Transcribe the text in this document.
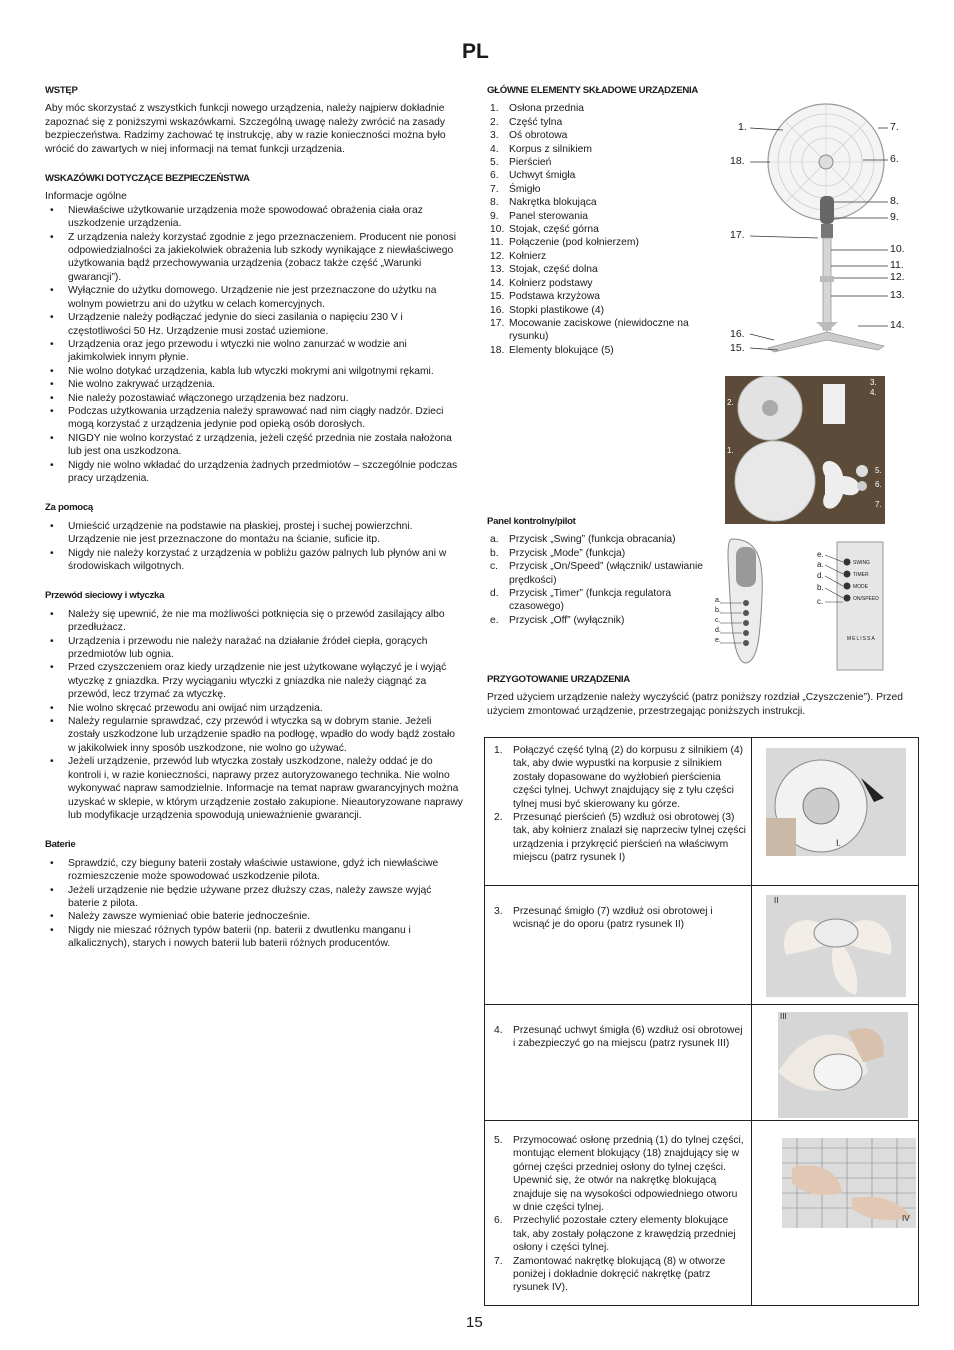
PL
WSTĘP

Aby móc skorzystać z wszystkich funkcji nowego urządzenia, należy najpierw dokładnie zapoznać się z poniższymi wskazówkami. Szczególną uwagę należy zwrócić na zasady bezpieczeństwa. Radzimy zachować tę instrukcję, aby w razie konieczności można było wrócić do zawartych w niej informacji na temat funkcji urządzenia.

WSKAZÓWKI DOTYCZĄCE BEZPIECZEŃSTWA

Informacje ogólne

• Niewłaściwe użytkowanie urządzenia może spowodować obrażenia ciała oraz uszkodzenie urządzenia.
• Z urządzenia należy korzystać zgodnie z jego przeznaczeniem. Producent nie ponosi odpowiedzialności za jakiekolwiek obrażenia lub szkody wynikające z niewłaściwego użytkowania bądź przechowywania urządzenia (zobacz także część „Warunki gwarancji”).
• Wyłącznie do użytku domowego. Urządzenie nie jest przeznaczone do użytku na wolnym powietrzu ani do użytku w celach komercyjnych.
• Urządzenie należy podłączać jedynie do sieci zasilania o napięciu 230 V i częstotliwości 50 Hz. Urządzenie musi zostać uziemione.
• Urządzenia oraz jego przewodu i wtyczki nie wolno zanurzać w wodzie ani jakimkolwiek innym płynie.
• Nie wolno dotykać urządzenia, kabla lub wtyczki mokrymi ani wilgotnymi rękami.
• Nie wolno zakrywać urządzenia.
• Nie należy pozostawiać włączonego urządzenia bez nadzoru.
• Podczas użytkowania urządzenia należy sprawować nad nim ciągły nadzór. Dzieci mogą korzystać z urządzenia jedynie pod opieką osób dorosłych.
• NIGDY nie wolno korzystać z urządzenia, jeżeli część przednia nie została nałożona lub jest ona uszkodzona.
• Nigdy nie wolno wkładać do urządzenia żadnych przedmiotów – szczególnie podczas pracy urządzenia.
Za pomocą
• Umieścić urządzenie na podstawie na płaskiej, prostej i suchej powierzchni. Urządzenie nie jest przeznaczone do montażu na ścianie, suficie itp.
• Nigdy nie należy korzystać z urządzenia w pobliżu gazów palnych lub płynów ani w środowiskach wilgotnych.
Przewód sieciowy i wtyczka
• Należy się upewnić, że nie ma możliwości potknięcia się o przewód zasilający albo przedłużacz.
• Urządzenia i przewodu nie należy narażać na działanie źródeł ciepła, gorących przedmiotów lub ognia.
• Przed czyszczeniem oraz kiedy urządzenie nie jest użytkowane wyłączyć je i wyjąć wtyczkę z gniazdka. Przy wyciąganiu wtyczki z gniazdka nie należy ciągnąć za przewód, lecz trzymać za wtyczkę.
• Nie wolno skręcać przewodu ani owijać nim urządzenia.
• Należy regularnie sprawdzać, czy przewód i wtyczka są w dobrym stanie. Jeżeli zostały uszkodzone lub urządzenie spadło na podłogę, wpadło do wody bądź zostało w jakikolwiek inny sposób uszkodzone, nie wolno go używać.
• Jeżeli urządzenie, przewód lub wtyczka zostały uszkodzone, należy oddać je do kontroli i, w razie konieczności, naprawy przez autoryzowanego technika. Nie wolno wykonywać napraw samodzielnie. Informacje na temat napraw gwarancyjnych można uzyskać w sklepie, w którym urządzenie zostało zakupione. Nieautoryzowane naprawy lub modyfikacje urządzenia spowodują unieważnienie gwarancji.
Baterie
• Sprawdzić, czy bieguny baterii zostały właściwie ustawione, gdyż ich niewłaściwe rozmieszczenie może spowodować uszkodzenie pilota.
• Jeżeli urządzenie nie będzie używane przez dłuższy czas, należy zawsze wyjąć baterie z pilota.
• Należy zawsze wymieniać obie baterie jednocześnie.
• Nigdy nie mieszać różnych typów baterii (np. baterii z dwutlenku manganu i alkalicznych), starych i nowych baterii lub baterii różnych producentów.
GŁÓWNE ELEMENTY SKŁADOWE URZĄDZENIA
1. Osłona przednia
2. Część tylna
3. Oś obrotowa
4. Korpus z silnikiem
5. Pierścień
6. Uchwyt śmigła
7. Śmigło
8. Nakrętka blokująca
9. Panel sterowania
10. Stojak, część górna
11. Połączenie (pod kołnierzem)
12. Kołnierz
13. Stojak, część dolna
14. Kołnierz podstawy
15. Podstawa krzyżowa
16. Stopki plastikowe (4)
17. Mocowanie zaciskowe (niewidoczne na rysunku)
18. Elementy blokujące (5)
1.
18.
17.
16.
15.
7.
6.
8.
9.
10.
11.
12.
13.
14.
2.
1.
3.
4.
5.
6.
7.
Panel kontrolny/pilot
a. Przycisk „Swing” (funkcja obracania)
b. Przycisk „Mode” (funkcja)
c. Przycisk „On/Speed” (włącznik/ ustawianie prędkości)
d. Przycisk „Timer” (funkcja regulatora czasowego)
e. Przycisk „Off” (wyłącznik)
a.
b.
c.
d.
e.
SWING
TIMER
MODE
ON/SPEED
MELISSA
e.
a.
d.
b.
c.
PRZYGOTOWANIE URZĄDZENIA

Przed użyciem urządzenie należy wyczyścić (patrz poniższy rozdział „Czyszczenie”). Przed użyciem zmontować urządzenie, przestrzegając poniższych instrukcji.

1. Połączyć część tylną (2) do korpusu z silnikiem (4) tak, aby dwie wypustki na korpusie z silnikiem zostały dopasowane do wyżłobień pierścienia części tylnej. Uchwyt znajdujący się z tyłu części tylnej musi być skierowany ku górze.
2. Przesunąć pierścień (5) wzdłuż osi obrotowej (3) tak, aby kołnierz znalazł się naprzeciw tylnej części urządzenia i przykręcić pierścień na właściwym miejscu (patrz rysunek I)
I.
3. Przesunąć śmigło (7) wzdłuż osi obrotowej i wcisnąć je do oporu (patrz rysunek II)
II
4. Przesunąć uchwyt śmigła (6) wzdłuż osi obrotowej i zabezpieczyć go na miejscu (patrz rysunek III)
III
5. Przymocować osłonę przednią (1) do tylnej części, montując element blokujący (18) znajdujący się w górnej części przedniej osłony do tylnej części. Upewnić się, że otwór na nakrętkę blokującą znajduje się na wysokości odpowiedniego otworu w dnie części tylnej.
6. Przechylić pozostałe cztery elementy blokujące tak, aby zostały połączone z krawędzią przedniej osłony i części tylnej.
7. Zamontować nakrętkę blokującą (8) w otworze poniżej i dokładnie dokręcić nakrętkę (patrz rysunek IV).
IV
15
